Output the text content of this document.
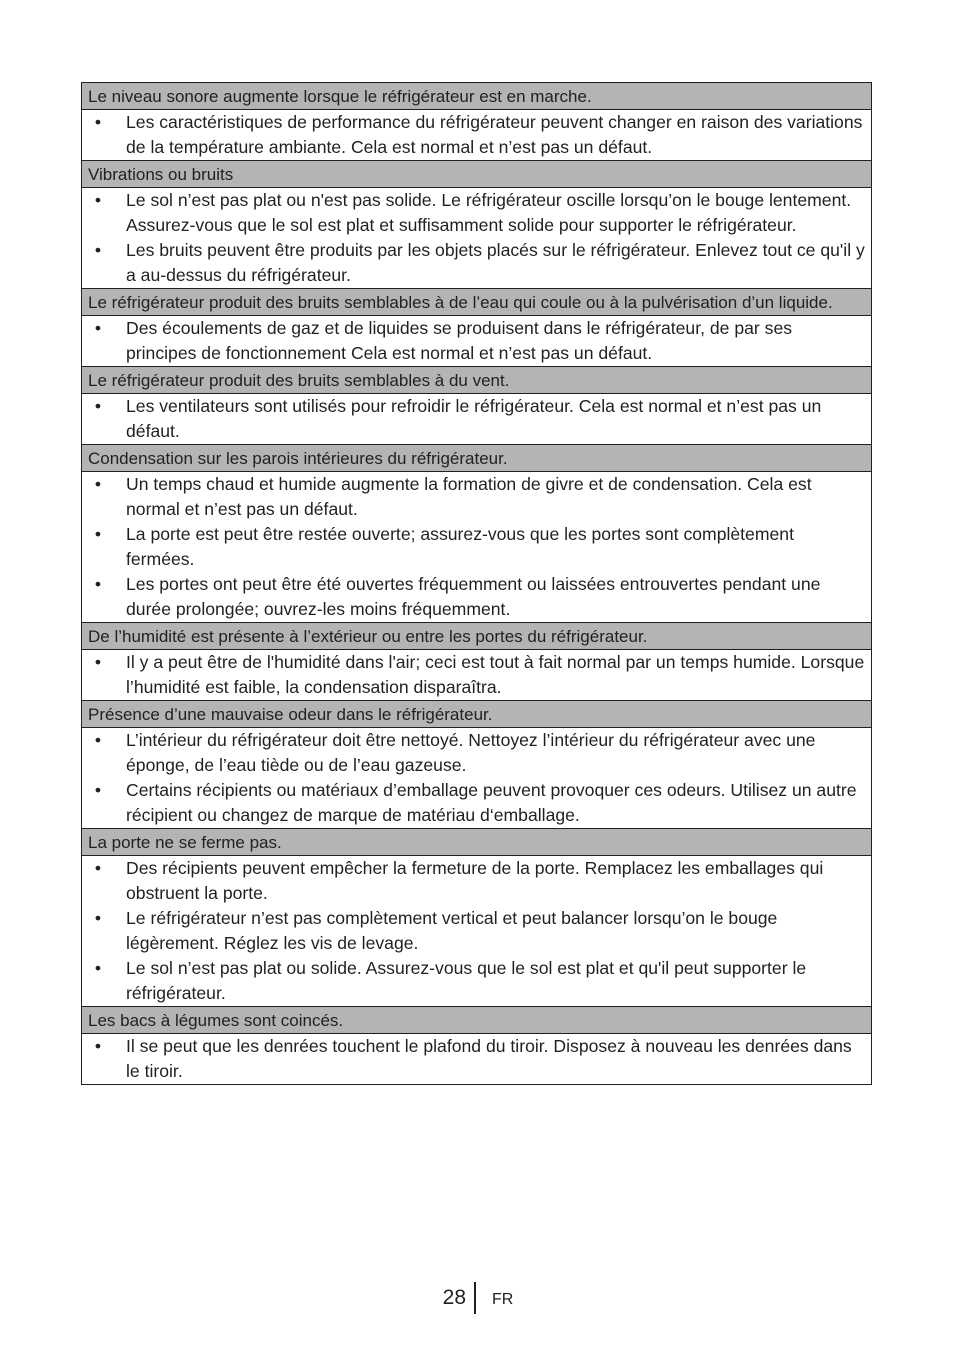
Le niveau sonore augmente lorsque le réfrigérateur est en marche.
•	Les caractéristiques de performance du réfrigérateur peuvent changer en raison des variations de la température ambiante. Cela est normal et n’est pas un défaut.
Vibrations ou bruits
•	Le sol n’est pas plat ou n'est pas solide. Le réfrigérateur oscille lorsqu’on le bouge lentement. Assurez-vous que le sol est plat et suffisamment solide pour supporter le réfrigérateur.
•	Les bruits peuvent être produits par les objets placés sur le réfrigérateur. Enlevez tout ce qu'il y a au-dessus du réfrigérateur.
Le réfrigérateur produit des bruits semblables à de l’eau qui coule ou à la pulvérisation d’un liquide.
•	Des écoulements de gaz et de liquides se produisent dans le réfrigérateur, de par ses principes de fonctionnement Cela est normal et n’est pas un défaut.
Le réfrigérateur produit des bruits semblables à du vent.
•	Les ventilateurs sont utilisés pour refroidir le réfrigérateur. Cela est normal et n’est pas un défaut.
Condensation sur les parois intérieures du réfrigérateur.
•	Un temps chaud et humide augmente la formation de givre et de condensation. Cela est normal et n’est pas un défaut.
•	La porte est peut être restée ouverte; assurez-vous que les portes sont complètement fermées.
•	Les portes ont peut être été ouvertes fréquemment ou laissées entrouvertes pendant une durée prolongée; ouvrez-les moins fréquemment.
De l’humidité est présente à l’extérieur ou entre les portes du réfrigérateur.
•	Il y a peut être de l'humidité dans l'air; ceci est tout à fait normal par un temps humide. Lorsque l’humidité est faible, la condensation disparaîtra.
Présence d’une mauvaise odeur dans le réfrigérateur.
•	L’intérieur du réfrigérateur doit être nettoyé. Nettoyez l’intérieur du réfrigérateur avec une éponge, de l’eau tiède ou de l’eau gazeuse.
•	Certains récipients ou matériaux d’emballage peuvent provoquer ces odeurs. Utilisez un autre récipient ou changez de marque de matériau d‘emballage.
La porte ne se ferme pas.
•	Des récipients peuvent empêcher la fermeture de la porte. Remplacez les emballages qui obstruent la porte.
•	Le réfrigérateur n’est pas complètement vertical et peut balancer lorsqu’on le bouge légèrement. Réglez les vis de levage.
•	Le sol n’est pas plat ou solide. Assurez-vous que le sol est plat et qu'il peut supporter le réfrigérateur.
Les bacs à légumes sont coincés.
•	Il se peut que les denrées touchent le plafond du tiroir. Disposez à nouveau les denrées dans le tiroir.
28 FR
